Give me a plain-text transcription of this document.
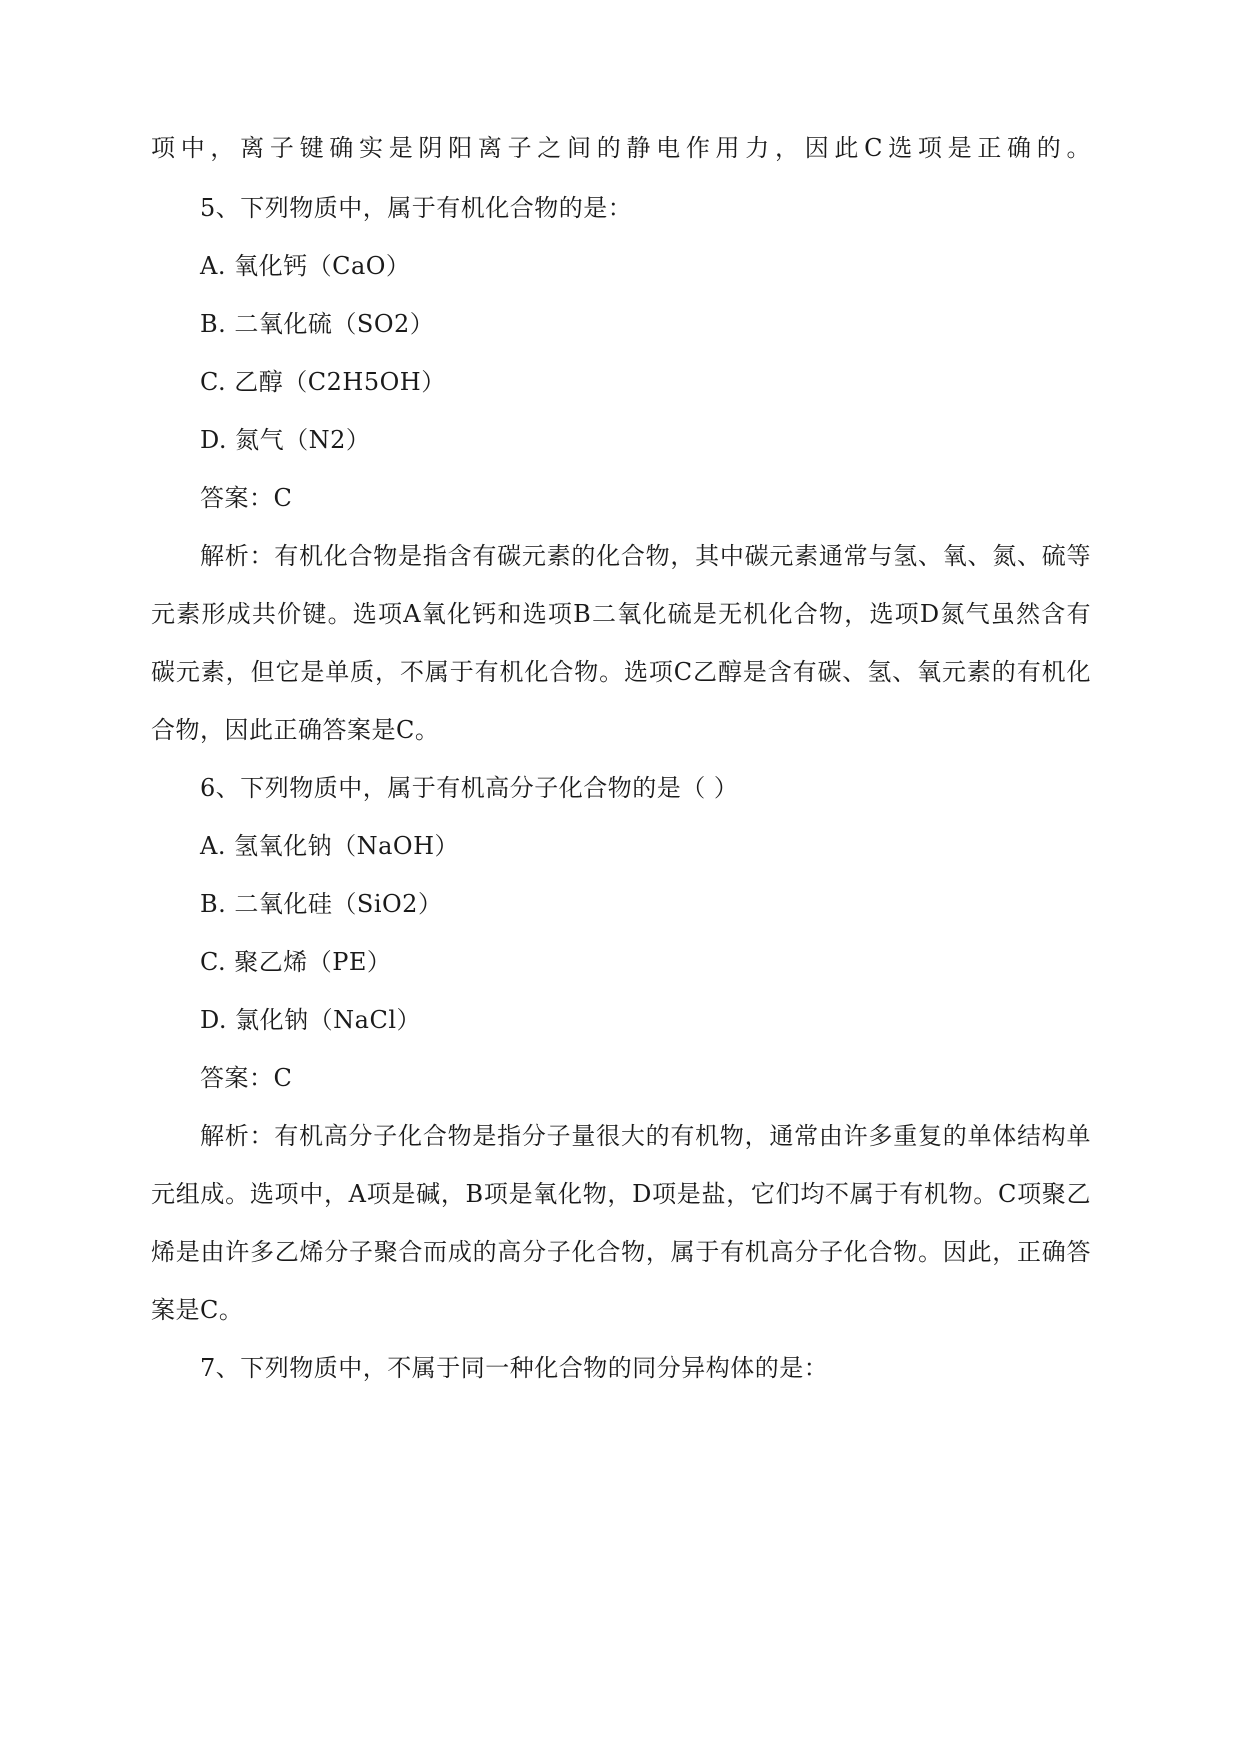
项中，离子键确实是阴阳离子之间的静电作用力，因此C选项是正确的。
5、下列物质中，属于有机化合物的是：
A. 氧化钙（CaO）
B. 二氧化硫（SO2）
C. 乙醇（C2H5OH）
D. 氮气（N2）
答案：C
解析：有机化合物是指含有碳元素的化合物，其中碳元素通常与氢、氧、氮、硫等
元素形成共价键。选项A氧化钙和选项B二氧化硫是无机化合物，选项D氮气虽然含有
碳元素，但它是单质，不属于有机化合物。选项C乙醇是含有碳、氢、氧元素的有机化
合物，因此正确答案是C。
6、下列物质中，属于有机高分子化合物的是（ ）
A. 氢氧化钠（NaOH）
B. 二氧化硅（SiO2）
C. 聚乙烯（PE）
D. 氯化钠（NaCl）
答案：C
解析：有机高分子化合物是指分子量很大的有机物，通常由许多重复的单体结构单
元组成。选项中，A项是碱，B项是氧化物，D项是盐，它们均不属于有机物。C项聚乙
烯是由许多乙烯分子聚合而成的高分子化合物，属于有机高分子化合物。因此，正确答
案是C。
7、下列物质中，不属于同一种化合物的同分异构体的是：
